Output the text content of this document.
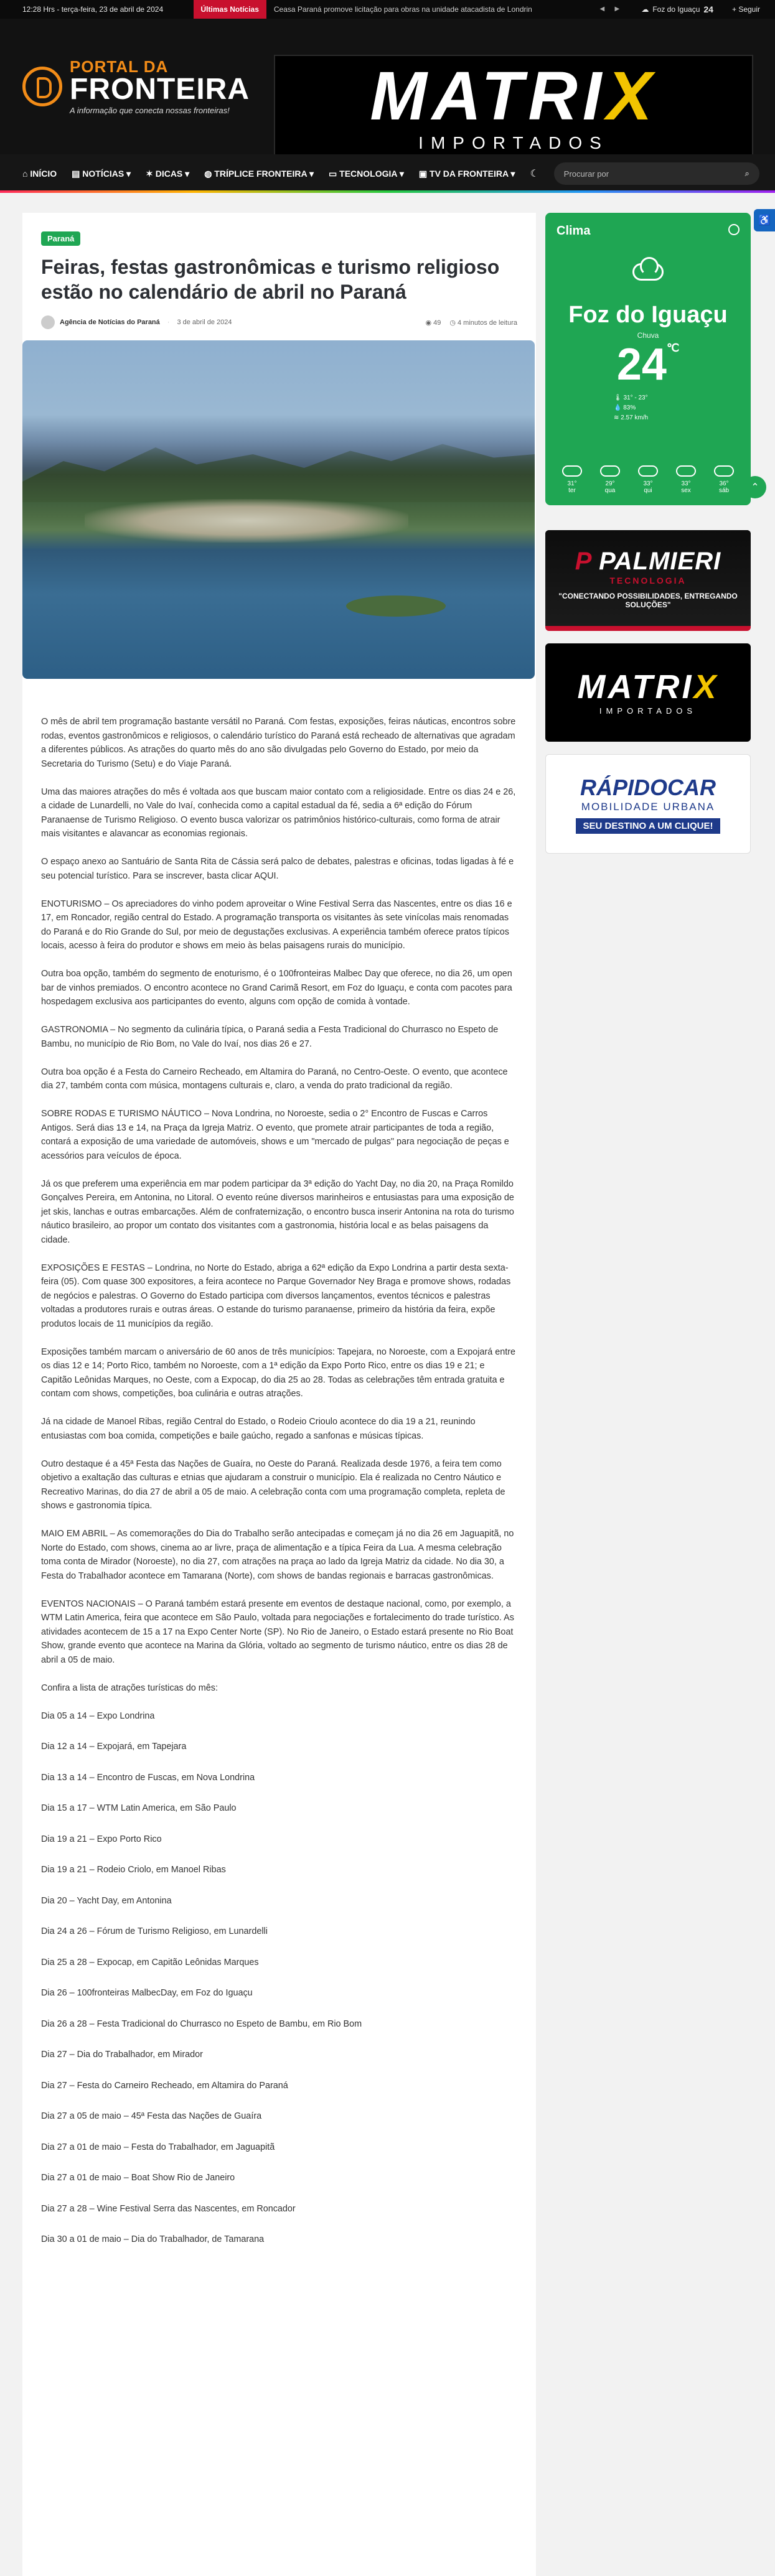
12:28 Hrs - terça-feira, 23 de abril de 2024	Últimas Notícias	Ceasa Paraná promove licitação para obras na unidade atacadista de Londrin	◀	▶	☁ Foz do Iguaçu 24	+ Seguir
PORTAL DA
FRONTEIRA
A informação que conecta nossas fronteiras! MATRIX
IMPORTADOS
⌂ INÍCIO ▤ NOTÍCIAS ▾ ✶ DICAS ▾ ◍ TRÍPLICE FRONTEIRA ▾ ▭ TECNOLOGIA ▾ ▣ TV DA FRONTEIRA ▾ ☾
Procurar por	⌕
Paraná
Feiras, festas gastronômicas e turismo religioso estão no calendário de abril no Paraná
Agência de Notícias do Paraná · 3 de abril de 2024	◉ 49 ◷ 4 minutos de leitura

O mês de abril tem programação bastante versátil no Paraná. Com festas, exposições, feiras náuticas, encontros sobre rodas, eventos gastronômicos e religiosos, o calendário turístico do Paraná está recheado de alternativas que agradam a diferentes públicos. As atrações do quarto mês do ano são divulgadas pelo Governo do Estado, por meio da Secretaria do Turismo (Setu) e do Viaje Paraná.

Uma das maiores atrações do mês é voltada aos que buscam maior contato com a religiosidade. Entre os dias 24 e 26, a cidade de Lunardelli, no Vale do Ivaí, conhecida como a capital estadual da fé, sedia a 6ª edição do Fórum Paranaense de Turismo Religioso. O evento busca valorizar os patrimônios histórico-culturais, como forma de atrair mais visitantes e alavancar as economias regionais.

O espaço anexo ao Santuário de Santa Rita de Cássia será palco de debates, palestras e oficinas, todas ligadas à fé e seu potencial turístico. Para se inscrever, basta clicar AQUI.

ENOTURISMO – Os apreciadores do vinho podem aproveitar o Wine Festival Serra das Nascentes, entre os dias 16 e 17, em Roncador, região central do Estado. A programação transporta os visitantes às sete vinícolas mais renomadas do Paraná e do Rio Grande do Sul, por meio de degustações exclusivas. A experiência também oferece pratos típicos locais, acesso à feira do produtor e shows em meio às belas paisagens rurais do município.

Outra boa opção, também do segmento de enoturismo, é o 100fronteiras Malbec Day que oferece, no dia 26, um open bar de vinhos premiados. O encontro acontece no Grand Carimã Resort, em Foz do Iguaçu, e conta com pacotes para hospedagem exclusiva aos participantes do evento, alguns com opção de comida à vontade.

GASTRONOMIA – No segmento da culinária típica, o Paraná sedia a Festa Tradicional do Churrasco no Espeto de Bambu, no município de Rio Bom, no Vale do Ivaí, nos dias 26 e 27.

Outra boa opção é a Festa do Carneiro Recheado, em Altamira do Paraná, no Centro-Oeste. O evento, que acontece dia 27, também conta com música, montagens culturais e, claro, a venda do prato tradicional da região.

SOBRE RODAS E TURISMO NÁUTICO – Nova Londrina, no Noroeste, sedia o 2° Encontro de Fuscas e Carros Antigos. Será dias 13 e 14, na Praça da Igreja Matriz. O evento, que promete atrair participantes de toda a região, contará a exposição de uma variedade de automóveis, shows e um "mercado de pulgas" para negociação de peças e acessórios para veículos de época.

Já os que preferem uma experiência em mar podem participar da 3ª edição do Yacht Day, no dia 20, na Praça Romildo Gonçalves Pereira, em Antonina, no Litoral. O evento reúne diversos marinheiros e entusiastas para uma exposição de jet skis, lanchas e outras embarcações. Além de confraternização, o encontro busca inserir Antonina na rota do turismo náutico brasileiro, ao propor um contato dos visitantes com a gastronomia, história local e as belas paisagens da cidade.

EXPOSIÇÕES E FESTAS – Londrina, no Norte do Estado, abriga a 62ª edição da Expo Londrina a partir desta sexta-feira (05). Com quase 300 expositores, a feira acontece no Parque Governador Ney Braga e promove shows, rodadas de negócios e palestras. O Governo do Estado participa com diversos lançamentos, eventos técnicos e palestras voltadas a produtores rurais e outras áreas. O estande do turismo paranaense, primeiro da história da feira, expõe produtos locais de 11 municípios da região.

Exposições também marcam o aniversário de 60 anos de três municípios: Tapejara, no Noroeste, com a Expojará entre os dias 12 e 14; Porto Rico, também no Noroeste, com a 1ª edição da Expo Porto Rico, entre os dias 19 e 21; e Capitão Leônidas Marques, no Oeste, com a Expocap, do dia 25 ao 28. Todas as celebrações têm entrada gratuita e contam com shows, competições, boa culinária e outras atrações.

Já na cidade de Manoel Ribas, região Central do Estado, o Rodeio Crioulo acontece do dia 19 a 21, reunindo entusiastas com boa comida, competições e baile gaúcho, regado a sanfonas e músicas típicas.

Outro destaque é a 45ª Festa das Nações de Guaíra, no Oeste do Paraná. Realizada desde 1976, a feira tem como objetivo a exaltação das culturas e etnias que ajudaram a construir o município. Ela é realizada no Centro Náutico e Recreativo Marinas, do dia 27 de abril a 05 de maio. A celebração conta com uma programação completa, repleta de shows e gastronomia típica.

MAIO EM ABRIL – As comemorações do Dia do Trabalho serão antecipadas e começam já no dia 26 em Jaguapitã, no Norte do Estado, com shows, cinema ao ar livre, praça de alimentação e a típica Feira da Lua. A mesma celebração toma conta de Mirador (Noroeste), no dia 27, com atrações na praça ao lado da Igreja Matriz da cidade. No dia 30, a Festa do Trabalhador acontece em Tamarana (Norte), com shows de bandas regionais e barracas gastronômicas.

EVENTOS NACIONAIS – O Paraná também estará presente em eventos de destaque nacional, como, por exemplo, a WTM Latin America, feira que acontece em São Paulo, voltada para negociações e fortalecimento do trade turístico. As atividades acontecem de 15 a 17 na Expo Center Norte (SP). No Rio de Janeiro, o Estado estará presente no Rio Boat Show, grande evento que acontece na Marina da Glória, voltado ao segmento de turismo náutico, entre os dias 28 de abril a 05 de maio.

Confira a lista de atrações turísticas do mês:

Dia 05 a 14 – Expo Londrina

Dia 12 a 14 – Expojará, em Tapejara

Dia 13 a 14 – Encontro de Fuscas, em Nova Londrina

Dia 15 a 17 – WTM Latin America, em São Paulo

Dia 19 a 21 – Expo Porto Rico

Dia 19 a 21 – Rodeio Criolo, em Manoel Ribas

Dia 20 – Yacht Day, em Antonina

Dia 24 a 26 – Fórum de Turismo Religioso, em Lunardelli

Dia 25 a 28 – Expocap, em Capitão Leônidas Marques

Dia 26 – 100fronteiras MalbecDay, em Foz do Iguaçu

Dia 26 a 28 – Festa Tradicional do Churrasco no Espeto de Bambu, em Rio Bom

Dia 27 – Dia do Trabalhador, em Mirador

Dia 27 – Festa do Carneiro Recheado, em Altamira do Paraná

Dia 27 a 05 de maio – 45ª Festa das Nações de Guaíra

Dia 27 a 01 de maio – Festa do Trabalhador, em Jaguapitã

Dia 27 a 01 de maio – Boat Show Rio de Janeiro

Dia 27 a 28 – Wine Festival Serra das Nascentes, em Roncador

Dia 30 a 01 de maio – Dia do Trabalhador, de Tamarana

Clima
Foz do Iguaçu
Chuva
24℃
🌡 31° - 23°
💧 83%
≋ 2.57 km/h
31°
ter
29°
qua
33°
qui
33°
sex
36°
sáb
P PALMIERI
TECNOLOGIA
"CONECTANDO POSSIBILIDADES, ENTREGANDO SOLUÇÕES"
MATRIX
IMPORTADOS
RÁPIDOCAR
MOBILIDADE URBANA
SEU DESTINO A UM CLIQUE!
⌃
♿
